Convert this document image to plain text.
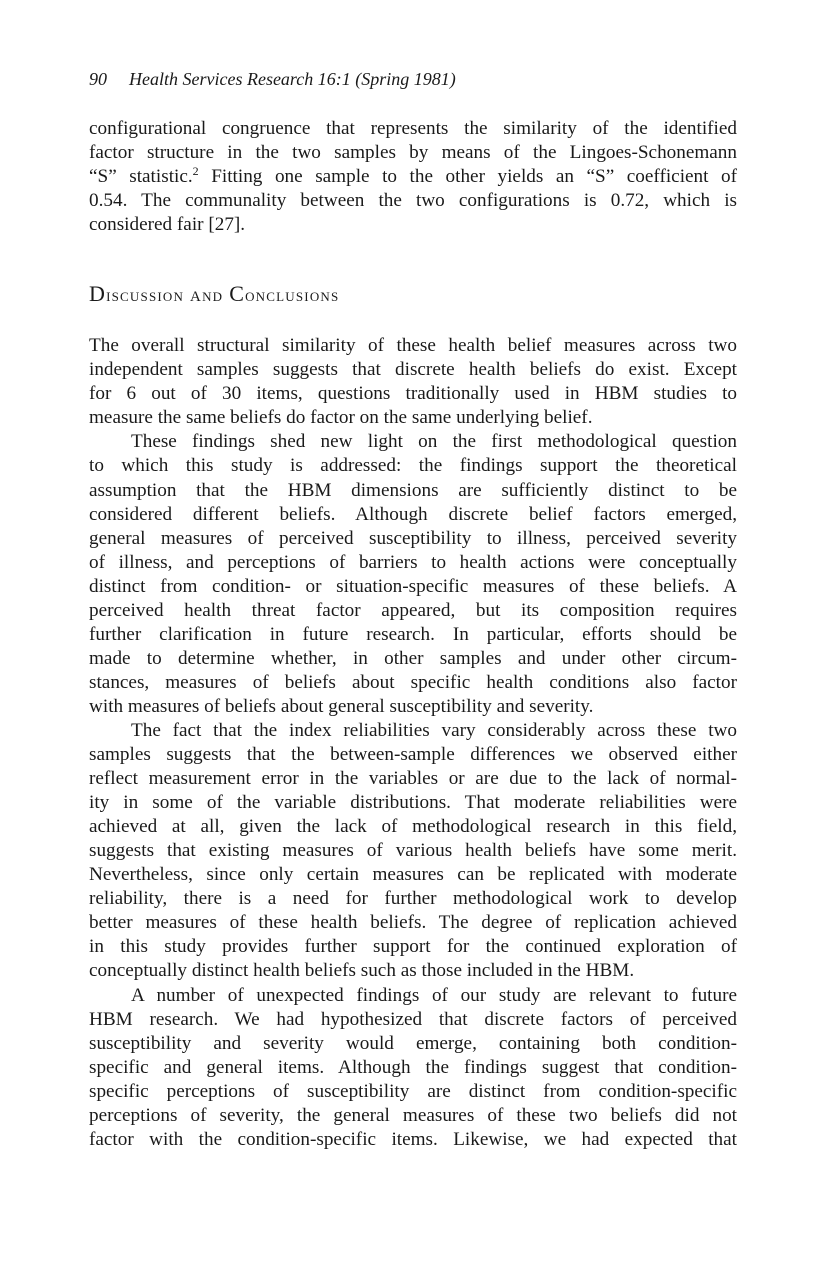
90 Health Services Research 16:1 (Spring 1981)
configurational congruence that represents the similarity of the identified
factor structure in the two samples by means of the Lingoes-Schonemann
“S” statistic.$^2$ Fitting one sample to the other yields an “S” coefficient of
0.54. The communality between the two configurations is 0.72, which is
considered fair [27].
Discussion and Conclusions
The overall structural similarity of these health belief measures across two
independent samples suggests that discrete health beliefs do exist. Except
for 6 out of 30 items, questions traditionally used in HBM studies to
measure the same beliefs do factor on the same underlying belief.
These findings shed new light on the first methodological question
to which this study is addressed: the findings support the theoretical
assumption that the HBM dimensions are sufficiently distinct to be
considered different beliefs. Although discrete belief factors emerged,
general measures of perceived susceptibility to illness, perceived severity
of illness, and perceptions of barriers to health actions were conceptually
distinct from condition- or situation-specific measures of these beliefs. A
perceived health threat factor appeared, but its composition requires
further clarification in future research. In particular, efforts should be
made to determine whether, in other samples and under other circum-
stances, measures of beliefs about specific health conditions also factor
with measures of beliefs about general susceptibility and severity.
The fact that the index reliabilities vary considerably across these two
samples suggests that the between-sample differences we observed either
reflect measurement error in the variables or are due to the lack of normal-
ity in some of the variable distributions. That moderate reliabilities were
achieved at all, given the lack of methodological research in this field,
suggests that existing measures of various health beliefs have some merit.
Nevertheless, since only certain measures can be replicated with moderate
reliability, there is a need for further methodological work to develop
better measures of these health beliefs. The degree of replication achieved
in this study provides further support for the continued exploration of
conceptually distinct health beliefs such as those included in the HBM.
A number of unexpected findings of our study are relevant to future
HBM research. We had hypothesized that discrete factors of perceived
susceptibility and severity would emerge, containing both condition-
specific and general items. Although the findings suggest that condition-
specific perceptions of susceptibility are distinct from condition-specific
perceptions of severity, the general measures of these two beliefs did not
factor with the condition-specific items. Likewise, we had expected that
